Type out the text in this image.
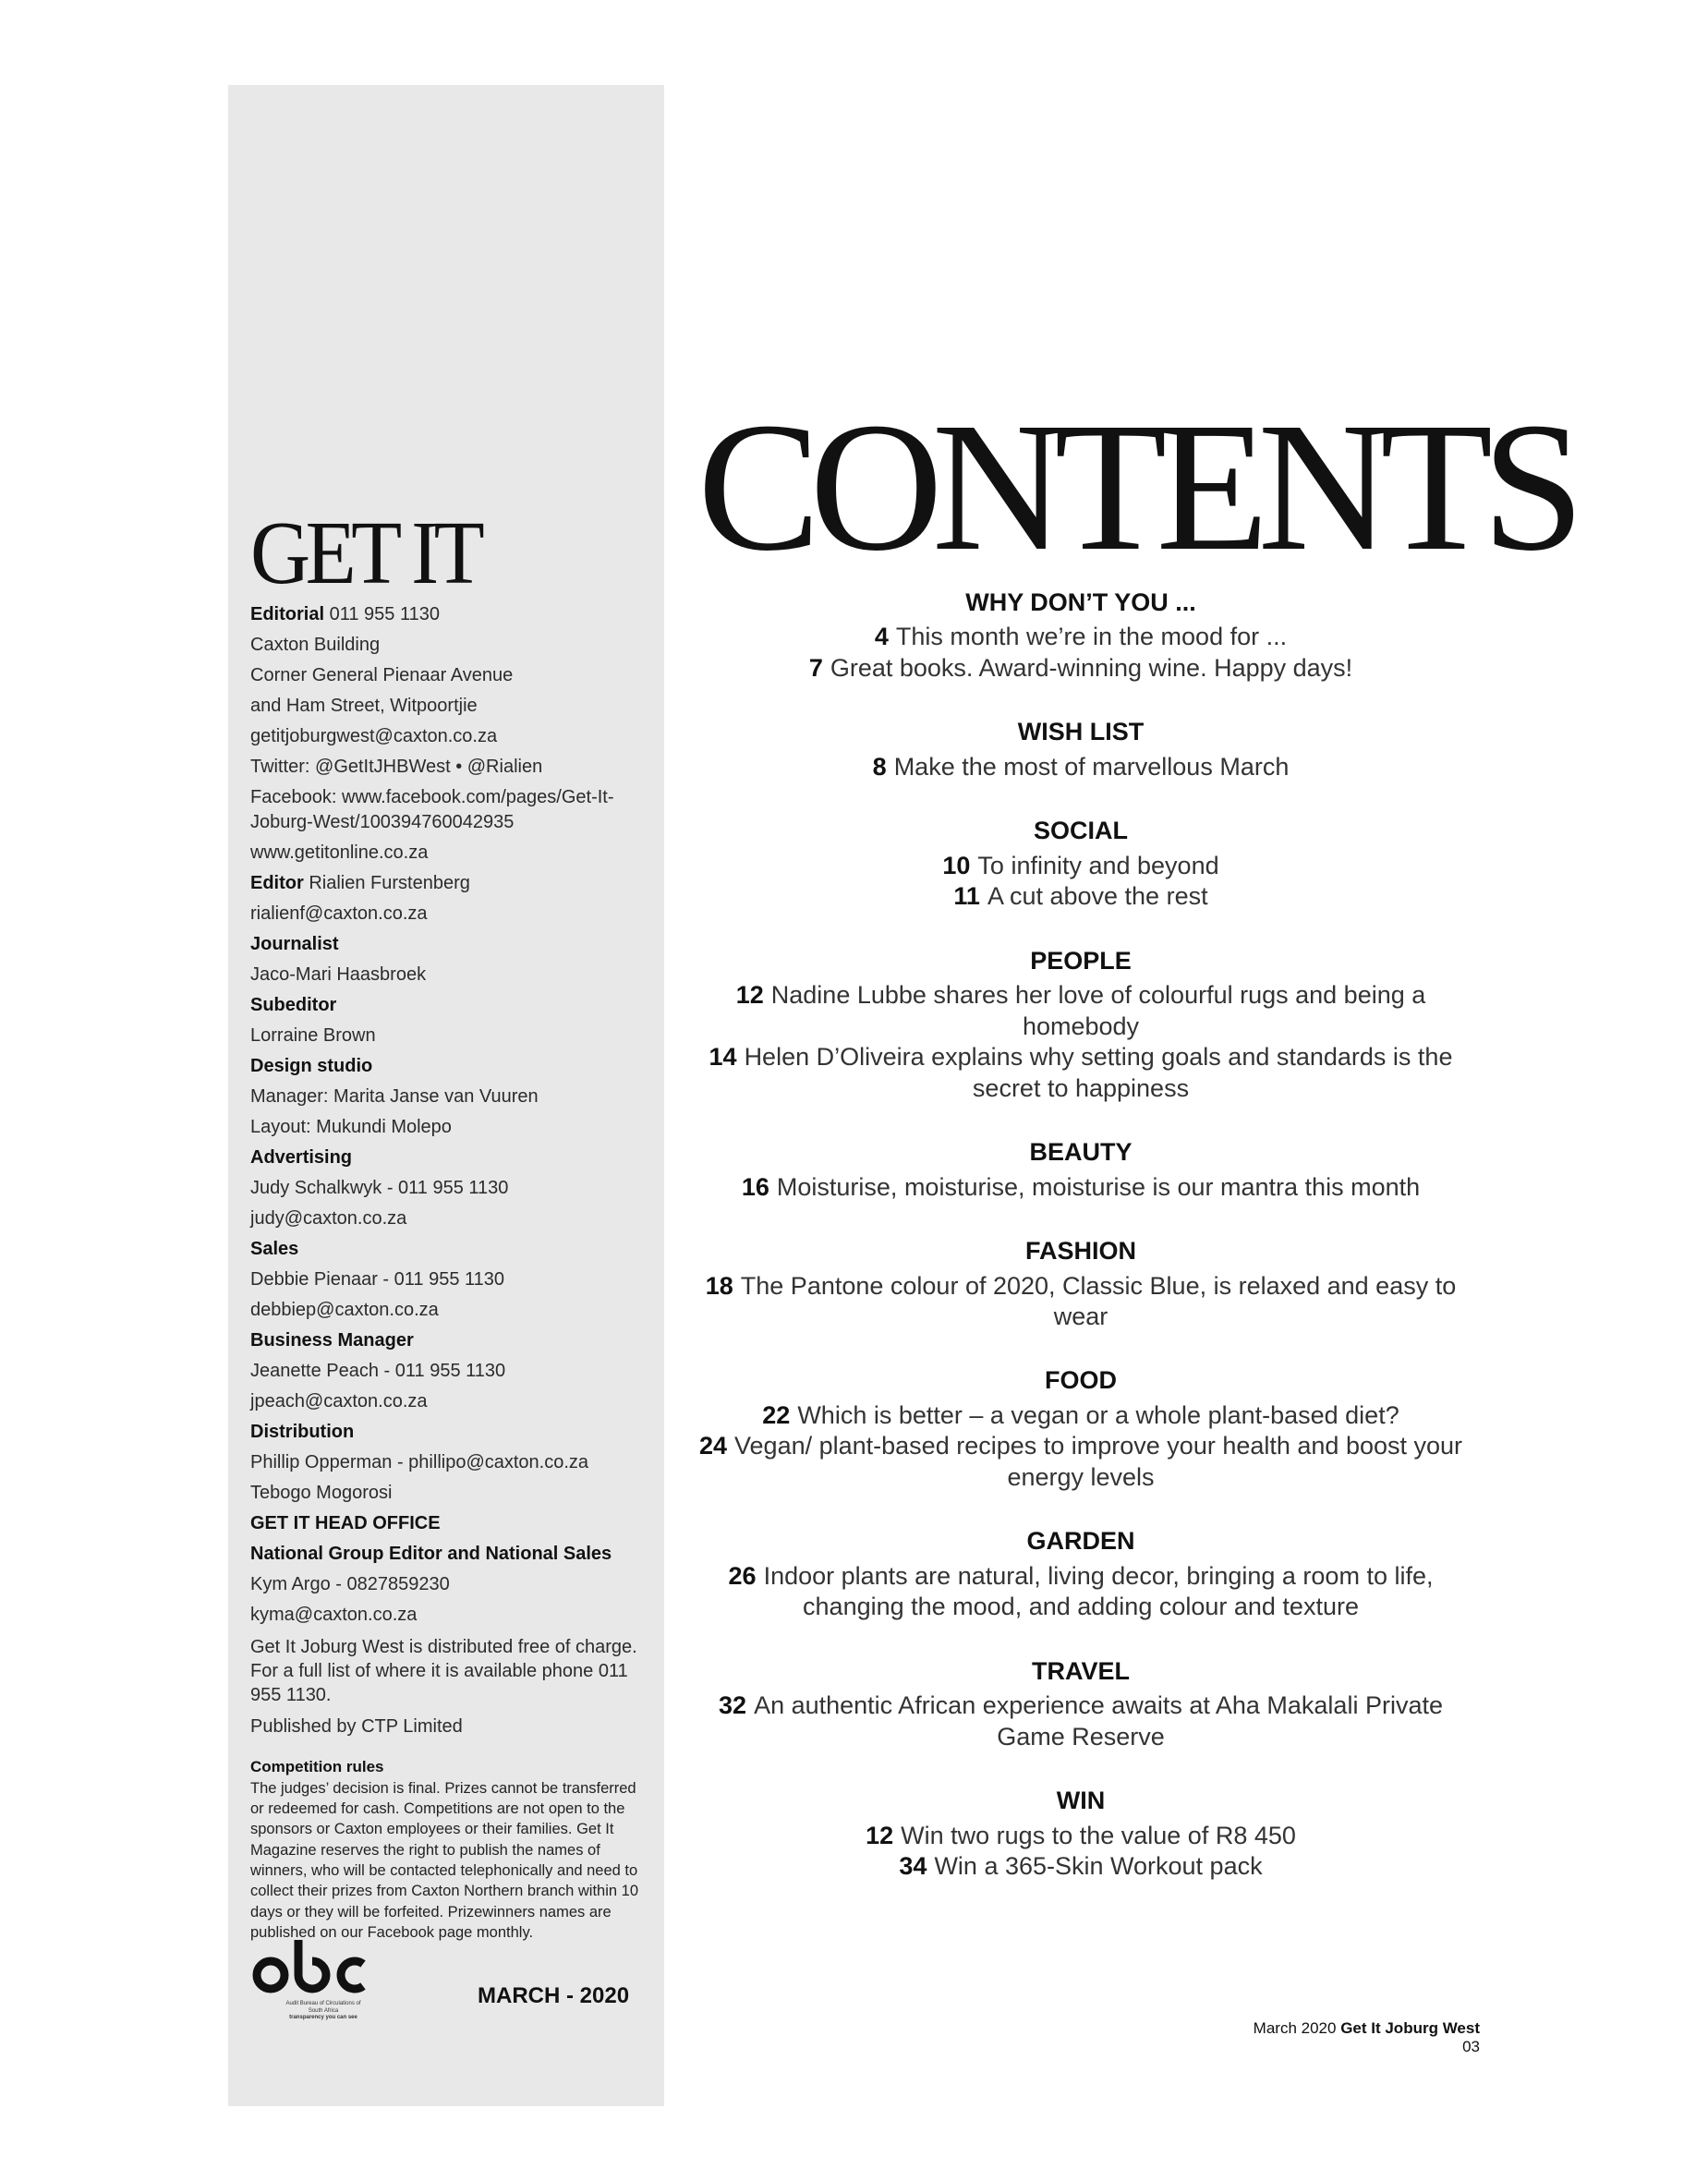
GET IT
Editorial 011 955 1130
Caxton Building
Corner General Pienaar Avenue
and Ham Street, Witpoortjie
getitjoburgwest@caxton.co.za
Twitter: @GetItJHBWest • @Rialien
Facebook: www.facebook.com/pages/Get-It-Joburg-West/100394760042935
www.getitonline.co.za
Editor Rialien Furstenberg
rialienf@caxton.co.za
Journalist
Jaco-Mari Haasbroek
Subeditor
Lorraine Brown
Design studio
Manager: Marita Janse van Vuuren
Layout: Mukundi Molepo
Advertising
Judy Schalkwyk - 011 955 1130
judy@caxton.co.za
Sales
Debbie Pienaar - 011 955 1130
debbiep@caxton.co.za
Business Manager
Jeanette Peach - 011 955 1130
jpeach@caxton.co.za
Distribution
Phillip Opperman - phillipo@caxton.co.za
Tebogo Mogorosi
GET IT HEAD OFFICE
National Group Editor and National Sales
Kym Argo - 0827859230
kyma@caxton.co.za
Get It Joburg West is distributed free of charge. For a full list of where it is available phone 011 955 1130.
Published by CTP Limited
Competition rules
The judges’ decision is final. Prizes cannot be transferred or redeemed for cash. Competitions are not open to the sponsors or Caxton employees or their families. Get It Magazine reserves the right to publish the names of winners, who will be contacted telephonically and need to collect their prizes from Caxton Northern branch within 10 days or they will be forfeited. Prizewinners names are published on our Facebook page monthly.
Audit Bureau of Circulations of South Africa
transparency you can see
MARCH - 2020
CONTENTS
WHY DON’T YOU ...

4 This month we’re in the mood for ...

7 Great books. Award-winning wine. Happy days!

WISH LIST

8 Make the most of marvellous March

SOCIAL

10 To infinity and beyond

11 A cut above the rest

PEOPLE

12 Nadine Lubbe shares her love of colourful rugs and being a homebody

14 Helen D’Oliveira explains why setting goals and standards is the secret to happiness

BEAUTY

16 Moisturise, moisturise, moisturise is our mantra this month

FASHION

18 The Pantone colour of 2020, Classic Blue, is relaxed and easy to wear

FOOD

22 Which is better – a vegan or a whole plant-based diet?

24 Vegan/ plant-based recipes to improve your health and boost your energy levels

GARDEN

26 Indoor plants are natural, living decor, bringing a room to life, changing the mood, and adding colour and texture

TRAVEL

32 An authentic African experience awaits at Aha Makalali Private Game Reserve

WIN

12 Win two rugs to the value of R8 450

34 Win a 365-Skin Workout pack

March 2020 Get It Joburg West 03
